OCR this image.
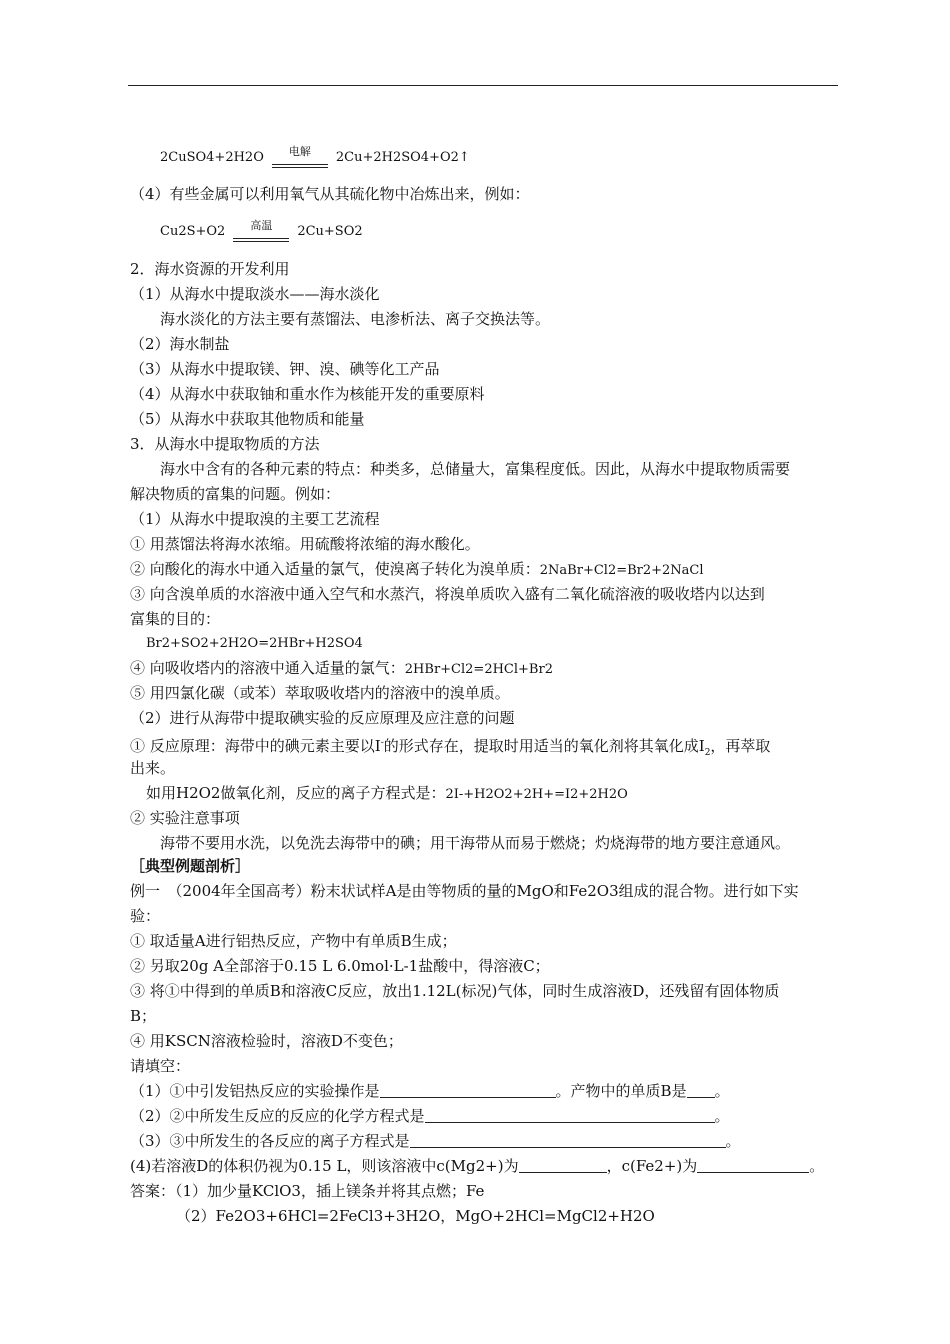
2CuSO4+2H2O 电解 2Cu+2H2SO4+O2↑
（4）有些金属可以利用氧气从其硫化物中冶炼出来，例如：
Cu2S+O2 高温 2Cu+SO2
2．海水资源的开发利用
（1）从海水中提取淡水——海水淡化
海水淡化的方法主要有蒸馏法、电渗析法、离子交换法等。
（2）海水制盐
（3）从海水中提取镁、钾、溴、碘等化工产品
（4）从海水中获取铀和重水作为核能开发的重要原料
（5）从海水中获取其他物质和能量
3．从海水中提取物质的方法
海水中含有的各种元素的特点：种类多，总储量大，富集程度低。因此，从海水中提取物质需要
解决物质的富集的问题。例如：
（1）从海水中提取溴的主要工艺流程
① 用蒸馏法将海水浓缩。用硫酸将浓缩的海水酸化。
② 向酸化的海水中通入适量的氯气，使溴离子转化为溴单质：2NaBr+Cl2=Br2+2NaCl
③ 向含溴单质的水溶液中通入空气和水蒸汽，将溴单质吹入盛有二氧化硫溶液的吸收塔内以达到
富集的目的：
Br2+SO2+2H2O=2HBr+H2SO4
④ 向吸收塔内的溶液中通入适量的氯气：2HBr+Cl2=2HCl+Br2
⑤ 用四氯化碳（或苯）萃取吸收塔内的溶液中的溴单质。
（2）进行从海带中提取碘实验的反应原理及应注意的问题
① 反应原理：海带中的碘元素主要以I-的形式存在，提取时用适当的氧化剂将其氧化成$I_2$，再萃取
出来。
如用H2O2做氧化剂，反应的离子方程式是：2I-+H2O2+2H+=I2+2H2O
② 实验注意事项
海带不要用水洗，以免洗去海带中的碘；用干海带从而易于燃烧；灼烧海带的地方要注意通风。
［典型例题剖析］
例一　（2004年全国高考）粉末状试样A是由等物质的量的MgO和Fe2O3组成的混合物。进行如下实
验：
① 取适量A进行铝热反应，产物中有单质B生成；
② 另取20g A全部溶于0.15 L 6.0mol·L-1盐酸中，得溶液C；
③ 将①中得到的单质B和溶液C反应，放出1.12L(标况)气体，同时生成溶液D，还残留有固体物质
B；
④ 用KSCN溶液检验时，溶液D不变色；
请填空：
（1）①中引发铝热反应的实验操作是	。产物中的单质B是 。
（2）②中所发生反应的反应的化学方程式是	。
（3）③中所发生的各反应的离子方程式是	。
(4)若溶液D的体积仍视为0.15 L，则该溶液中c(Mg2+)为	，c(Fe2+)为	。
答案：（1）加少量KClO3，插上镁条并将其点燃；Fe
（2）Fe2O3+6HCl=2FeCl3+3H2O，MgO+2HCl=MgCl2+H2O
